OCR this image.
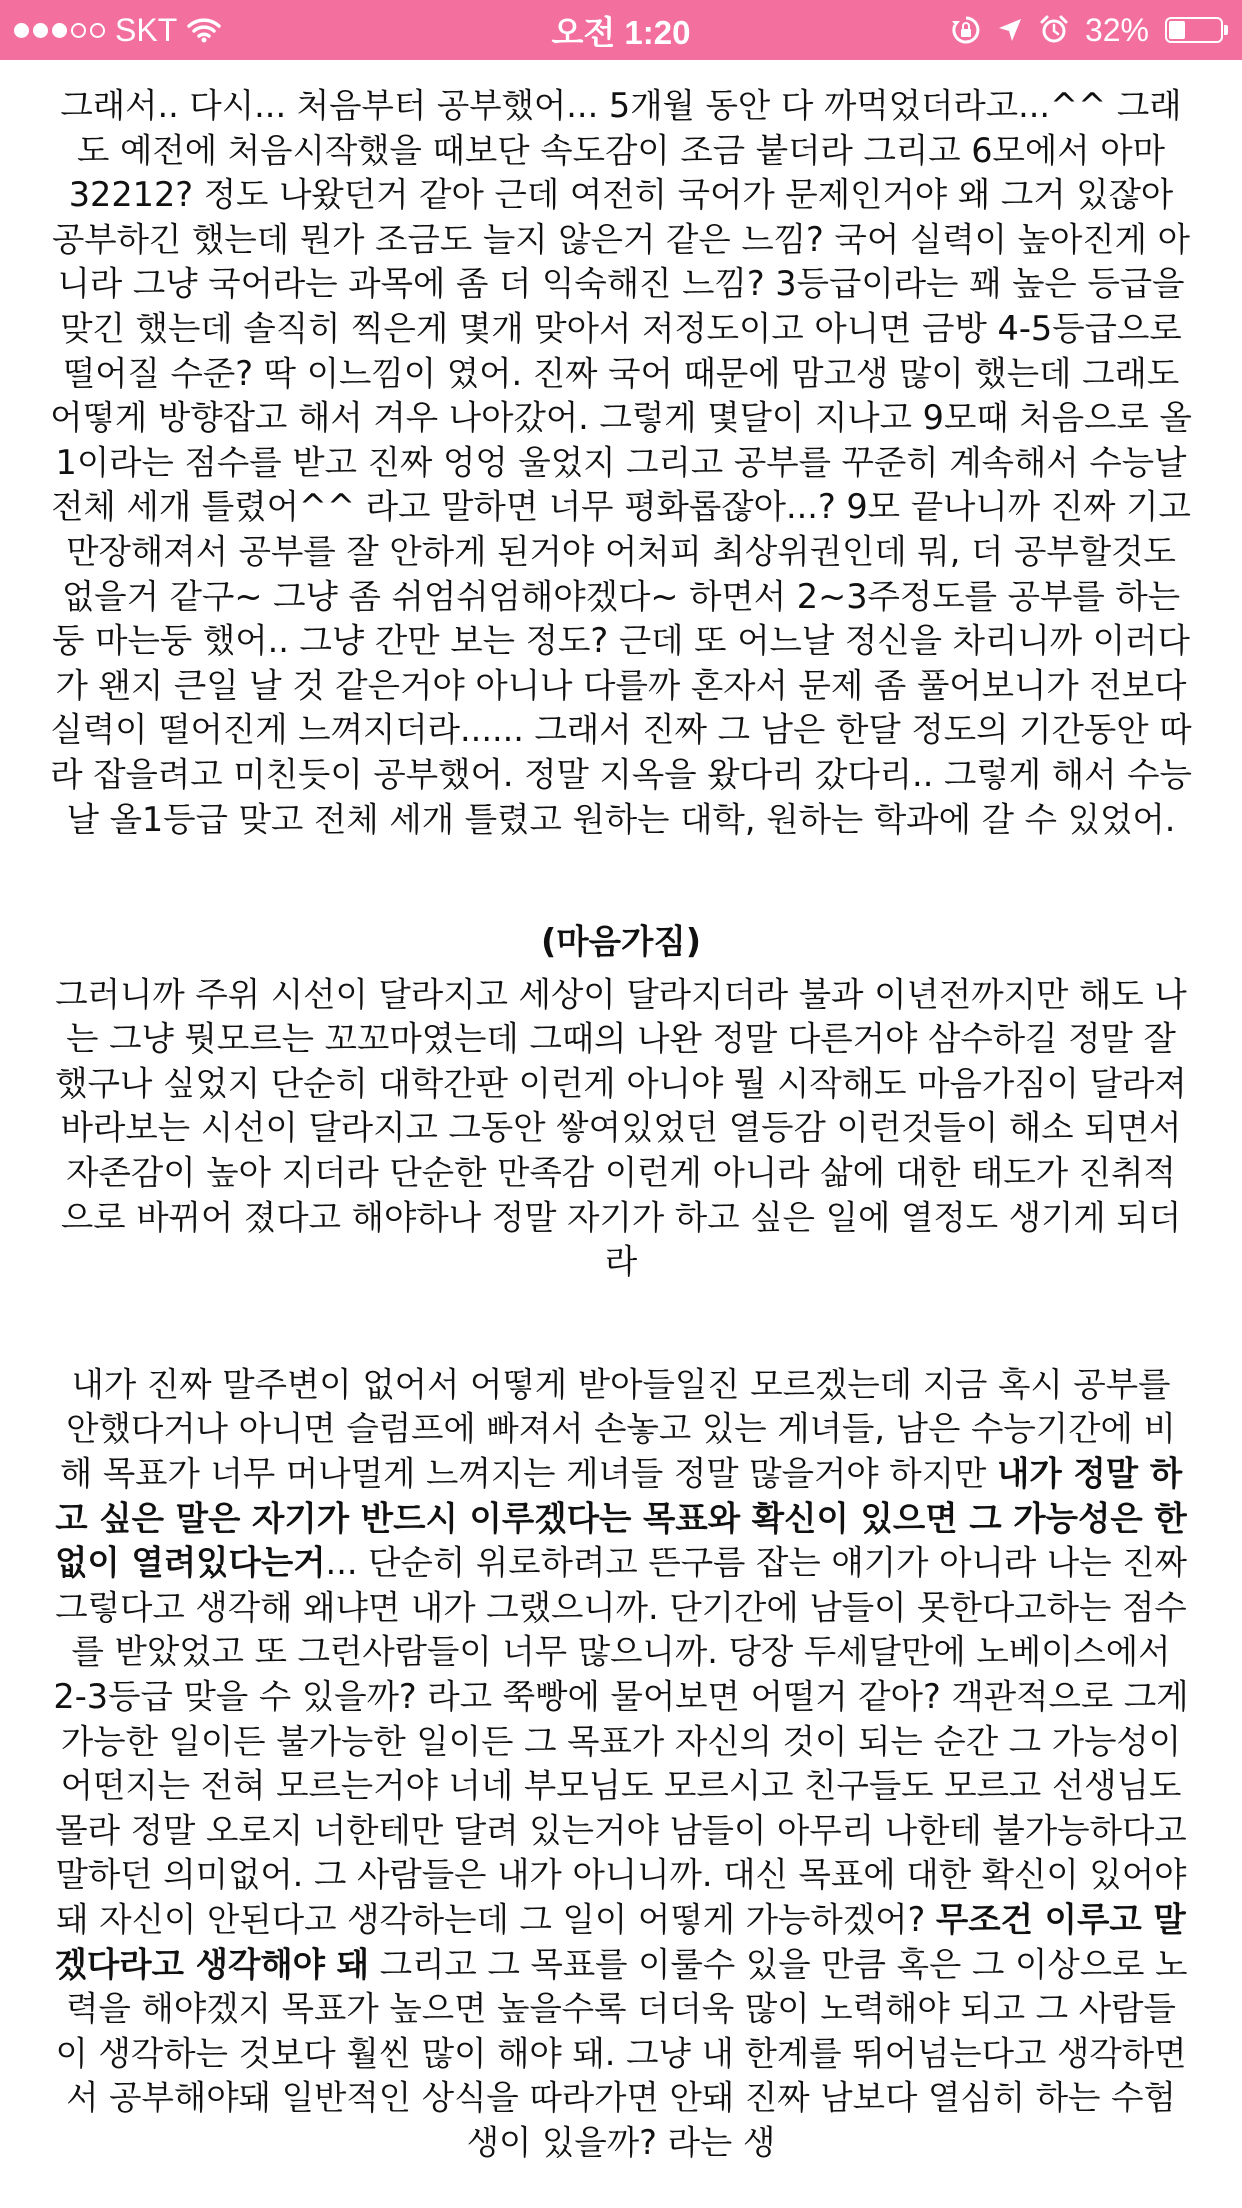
SKT	오전 1:20	32%

그래서.. 다시... 처음부터 공부했어... 5개월 동안 다 까먹었더라고...^^ 그래도 예전에 처음시작했을 때보단 속도감이 조금 붙더라 그리고 6모에서 아마 32212? 정도 나왔던거 같아 근데 여전히 국어가 문제인거야 왜 그거 있잖아 공부하긴 했는데 뭔가 조금도 늘지 않은거 같은 느낌? 국어 실력이 높아진게 아니라 그냥 국어라는 과목에 좀 더 익숙해진 느낌? 3등급이라는 꽤 높은 등급을 맞긴 했는데 솔직히 찍은게 몇개 맞아서 저정도이고 아니면 금방 4-5등급으로 떨어질 수준? 딱 이느낌이 였어. 진짜 국어 때문에 맘고생 많이 했는데 그래도 어떻게 방향잡고 해서 겨우 나아갔어. 그렇게 몇달이 지나고 9모때 처음으로 올1이라는 점수를 받고 진짜 엉엉 울었지 그리고 공부를 꾸준히 계속해서 수능날 전체 세개 틀렸어^^ 라고 말하면 너무 평화롭잖아...? 9모 끝나니까 진짜 기고만장해져서 공부를 잘 안하게 된거야 어처피 최상위권인데 뭐, 더 공부할것도 없을거 같구~ 그냥 좀 쉬엄쉬엄해야겠다~ 하면서 2~3주정도를 공부를 하는둥 마는둥 했어.. 그냥 간만 보는 정도? 근데 또 어느날 정신을 차리니까 이러다가 왠지 큰일 날 것 같은거야 아니나 다를까 혼자서 문제 좀 풀어보니가 전보다 실력이 떨어진게 느껴지더라...... 그래서 진짜 그 남은 한달 정도의 기간동안 따라 잡을려고 미친듯이 공부했어. 정말 지옥을 왔다리 갔다리.. 그렇게 해서 수능날 올1등급 맞고 전체 세개 틀렸고 원하는 대학, 원하는 학과에 갈 수 있었어.

(마음가짐)

그러니까 주위 시선이 달라지고 세상이 달라지더라 불과 이년전까지만 해도 나는 그냥 뭣모르는 꼬꼬마였는데 그때의 나완 정말 다른거야 삼수하길 정말 잘했구나 싶었지 단순히 대학간판 이런게 아니야 뭘 시작해도 마음가짐이 달라져 바라보는 시선이 달라지고 그동안 쌓여있었던 열등감 이런것들이 해소 되면서 자존감이 높아 지더라 단순한 만족감 이런게 아니라 삶에 대한 태도가 진취적으로 바뀌어 졌다고 해야하나 정말 자기가 하고 싶은 일에 열정도 생기게 되더라

내가 진짜 말주변이 없어서 어떻게 받아들일진 모르겠는데 지금 혹시 공부를 안했다거나 아니면 슬럼프에 빠져서 손놓고 있는 게녀들, 남은 수능기간에 비해 목표가 너무 머나멀게 느껴지는 게녀들 정말 많을거야 하지만 내가 정말 하고 싶은 말은 자기가 반드시 이루겠다는 목표와 확신이 있으면 그 가능성은 한없이 열려있다는거... 단순히 위로하려고 뜬구름 잡는 얘기가 아니라 나는 진짜 그렇다고 생각해 왜냐면 내가 그랬으니까. 단기간에 남들이 못한다고하는 점수를 받았었고 또 그런사람들이 너무 많으니까. 당장 두세달만에 노베이스에서 2-3등급 맞을 수 있을까? 라고 쭉빵에 물어보면 어떨거 같아? 객관적으로 그게 가능한 일이든 불가능한 일이든 그 목표가 자신의 것이 되는 순간 그 가능성이 어떤지는 전혀 모르는거야 너네 부모님도 모르시고 친구들도 모르고 선생님도 몰라 정말 오로지 너한테만 달려 있는거야 남들이 아무리 나한테 불가능하다고 말하던 의미없어. 그 사람들은 내가 아니니까. 대신 목표에 대한 확신이 있어야돼 자신이 안된다고 생각하는데 그 일이 어떻게 가능하겠어? 무조건 이루고 말겠다라고 생각해야 돼 그리고 그 목표를 이룰수 있을 만큼 혹은 그 이상으로 노력을 해야겠지 목표가 높으면 높을수록 더더욱 많이 노력해야 되고 그 사람들이 생각하는 것보다 훨씬 많이 해야 돼. 그냥 내 한계를 뛰어넘는다고 생각하면서 공부해야돼 일반적인 상식을 따라가면 안돼 진짜 남보다 열심히 하는 수험생이 있을까? 라는 생
